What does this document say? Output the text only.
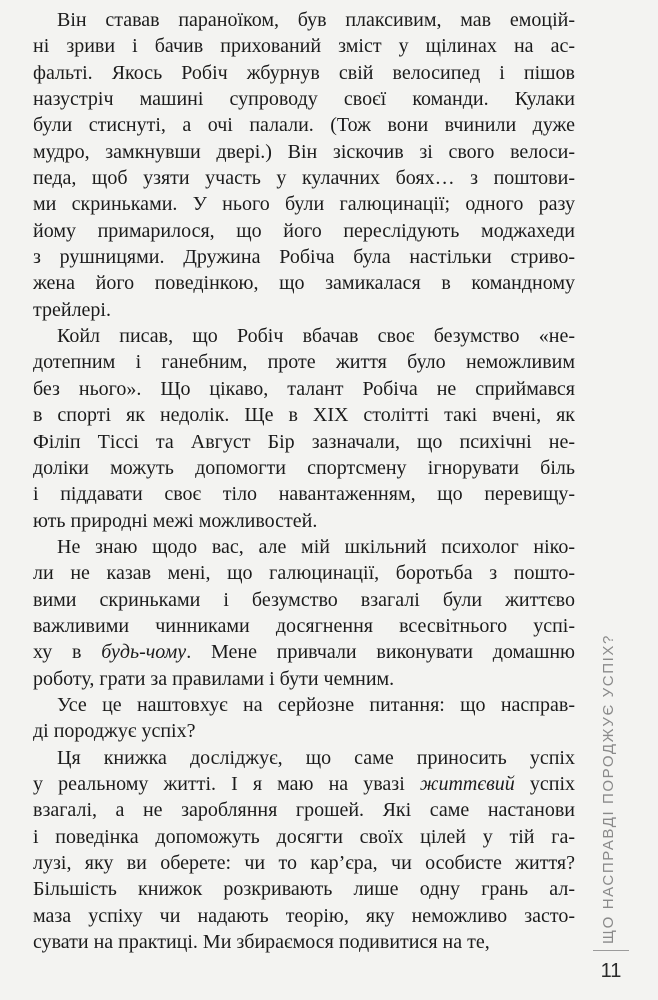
Він ставав параноїком, був плаксивим, мав емоцій-
ні зриви і бачив прихований зміст у щілинах на ас-
фальті. Якось Робіч жбурнув свій велосипед і пішов
назустріч машині супроводу своєї команди. Кулаки
були стиснуті, а очі палали. (Тож вони вчинили дуже
мудро, замкнувши двері.) Він зіскочив зі свого велоси-
педа, щоб узяти участь у кулачних боях… з поштови-
ми скриньками. У нього були галюцинації; одного разу
йому примарилося, що його переслідують моджахеди
з рушницями. Дружина Робіча була настільки стриво-
жена його поведінкою, що замикалася в командному
трейлері.
Койл писав, що Робіч вбачав своє безумство «не-
дотепним і ганебним, проте життя було неможливим
без нього». Що цікаво, талант Робіча не сприймався
в спорті як недолік. Ще в XIX столітті такі вчені, як
Філіп Тіссі та Август Бір зазначали, що психічні не-
доліки можуть допомогти спортсмену ігнорувати біль
і піддавати своє тіло навантаженням, що перевищу-
ють природні межі можливостей.
Не знаю щодо вас, але мій шкільний психолог ніко-
ли не казав мені, що галюцинації, боротьба з пошто-
вими скриньками і безумство взагалі були життєво
важливими чинниками досягнення всесвітнього успі-
ху в будь-чому. Мене привчали виконувати домашню
роботу, грати за правилами і бути чемним.
Усе це наштовхує на серйозне питання: що насправ-
ді породжує успіх?
Ця книжка досліджує, що саме приносить успіх
у реальному житті. І я маю на увазі життєвий успіх
взагалі, а не заробляння грошей. Які саме настанови
і поведінка допоможуть досягти своїх цілей у тій га-
лузі, яку ви оберете: чи то кар’єра, чи особисте життя?
Більшість книжок розкривають лише одну грань ал-
маза успіху чи надають теорію, яку неможливо засто-
сувати на практиці. Ми збираємося подивитися на те,	ЩО НАСПРАВДІ ПОРОДЖУЄ УСПІХ?
11
